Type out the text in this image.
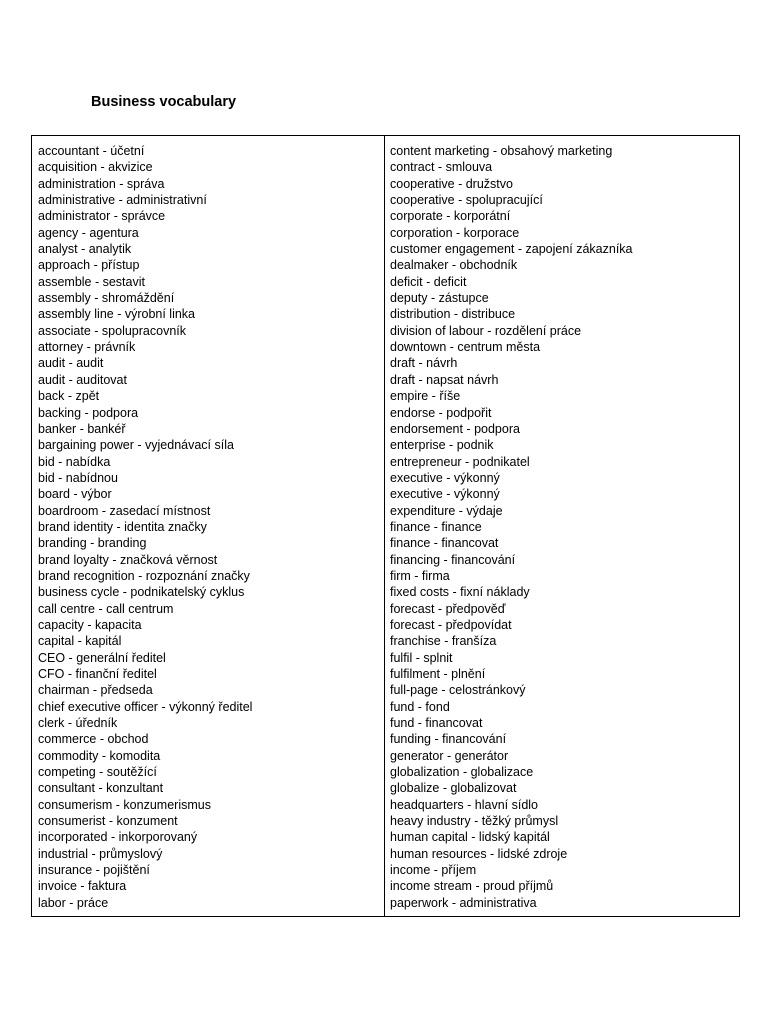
Business vocabulary
accountant - účetní
acquisition - akvizice
administration - správa
administrative - administrativní
administrator - správce
agency - agentura
analyst - analytik
approach - přístup
assemble - sestavit
assembly - shromáždění
assembly line - výrobní linka
associate - spolupracovník
attorney - právník
audit - audit
audit - auditovat
back - zpět
backing - podpora
banker - bankéř
bargaining power - vyjednávací síla
bid - nabídka
bid - nabídnou
board - výbor
boardroom - zasedací místnost
brand identity - identita značky
branding - branding
brand loyalty - značková věrnost
brand recognition - rozpoznání značky
business cycle - podnikatelský cyklus
call centre - call centrum
capacity - kapacita
capital - kapitál
CEO - generální ředitel
CFO - finanční ředitel
chairman - předseda
chief executive officer - výkonný ředitel
clerk - úředník
commerce - obchod
commodity - komodita
competing - soutěžící
consultant - konzultant
consumerism - konzumerismus
consumerist - konzument
incorporated - inkorporovaný
industrial - průmyslový
insurance - pojištění
invoice - faktura
labor - práce
content marketing - obsahový marketing
contract - smlouva
cooperative - družstvo
cooperative - spolupracující
corporate - korporátní
corporation - korporace
customer engagement - zapojení zákazníka
dealmaker - obchodník
deficit - deficit
deputy - zástupce
distribution - distribuce
division of labour - rozdělení práce
downtown - centrum města
draft - návrh
draft - napsat návrh
empire - říše
endorse - podpořit
endorsement - podpora
enterprise - podnik
entrepreneur - podnikatel
executive - výkonný
executive - výkonný
expenditure - výdaje
finance - finance
finance - financovat
financing - financování
firm - firma
fixed costs - fixní náklady
forecast - předpověď
forecast - předpovídat
franchise - franšíza
fulfil - splnit
fulfilment - plnění
full-page - celostránkový
fund - fond
fund - financovat
funding - financování
generator - generátor
globalization - globalizace
globalize - globalizovat
headquarters - hlavní sídlo
heavy industry - těžký průmysl
human capital - lidský kapitál
human resources - lidské zdroje
income - příjem
income stream - proud příjmů
paperwork - administrativa
